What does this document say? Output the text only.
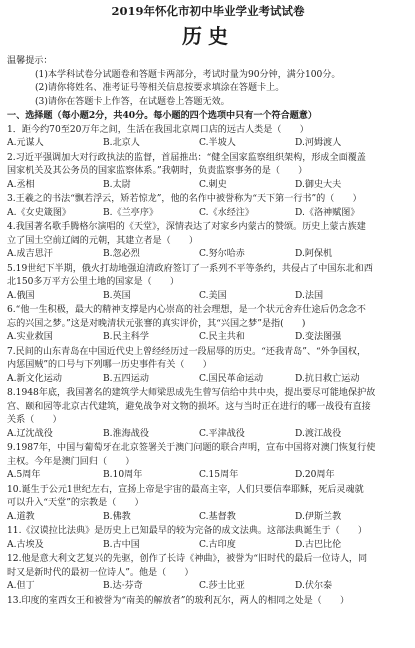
2019年怀化市初中毕业学业考试试卷
历史
温馨提示：
(1)本学科试卷分试题卷和答题卡两部分，考试时量为90分钟，满分100分。
(2)请你将姓名、准考证号等相关信息按要求填涂在答题卡上。
(3)请你在答题卡上作答，在试题卷上答题无效。
一、选择题（每小题2分，共40分。每小题的四个选项中只有一个符合题意）
1．距今约70至20万年之间，生活在我国北京周口店的远古人类是（　　）
A.元谋人	B.北京人	C.半坡人	D.河姆渡人
2.习近平强调加大对行政执法的监督，首届推出：“健全国家监察组织架构，形成全面覆盖
国家机关及其公务员的国家监察体系。”我朝时，负责监察事务的是（　　）
A.丞相	B.太尉	C.刺史	D.御史大夫
3.王羲之的书法“飘若浮云，矫若惊龙”，他的名作中被誉称为“天下第一行书”的（　　）
A.《女史箴图》	B.《兰亭序》	C.《水经注》	D.《洛神赋图》
4.我国著名歌手腾格尔演唱的《天堂》，深情表达了对家乡内蒙古的赞颂。历史上蒙古族建
立了国土空前辽阔的元朝，其建立者是（　　）
A.成吉思汗	B.忽必烈	C.努尔哈赤	D.阿保机
5.19世纪下半期，俄火打劫地强迫清政府签订了一系列不平等条约，共侵占了中国东北和西
北150多万平方公里土地的国家是（　　）
A.俄国	B.英国	C.美国	D.法国
6.“他一生积极，最大的精神支撑是内心崇高的社会理想，是一个状元舍弃仕途后仍念念不
忘的兴国之梦。”这是对晚清状元张謇的真实评价，其“兴国之梦”是指(　　)
A.实业救国	B.民主科学	C.民主共和	D.变法图强
7.民间的山东青岛在中国近代史上曾经经历过一段屈辱的历史。“还我青岛”、“外争国权，
内惩国贼”的口号与下列哪一历史事件有关（　　）
A.新文化运动	B.五四运动	C.国民革命运动	D.抗日救亡运动
8.1948年底，我国著名的建筑学大师梁思成先生曾写信给中共中央，提出要尽可能地保护故
宫、颐和园等北京古代建筑，避免战争对文物的损坏。这与当时正在进行的哪一战役有直接
关系（　　）
A.辽沈战役	B.淮海战役	C.平津战役	D.渡江战役
9.1987年，中国与葡萄牙在北京签署关于澳门问题的联合声明，宣布中国将对澳门恢复行使
主权。今年是澳门回归（　　）
A.5周年	B.10周年	C.15周年	D.20周年
10.诞生于公元1世纪左右，宣扬上帝是宇宙的最高主宰，人们只要信奉耶稣，死后灵魂就
可以升入“天堂”的宗教是（　　）
A.道教	B.佛教	C.基督教	D.伊斯兰教
11.《汉谟拉比法典》是历史上已知最早的较为完备的成文法典。这部法典诞生于（　　）
A.古埃及	B.古中国	C.古印度	D.古巴比伦
12.他是意大利文艺复兴的先驱，创作了长诗《神曲》，被誉为“旧时代的最后一位诗人，同
时又是新时代的最初一位诗人”。他是（　　）
A.但丁	B.达·芬奇	C.莎士比亚	D.伏尔泰
13.印度的室西女王和被誉为“南美的解放者”的玻利瓦尔，两人的相同之处是（　　）
